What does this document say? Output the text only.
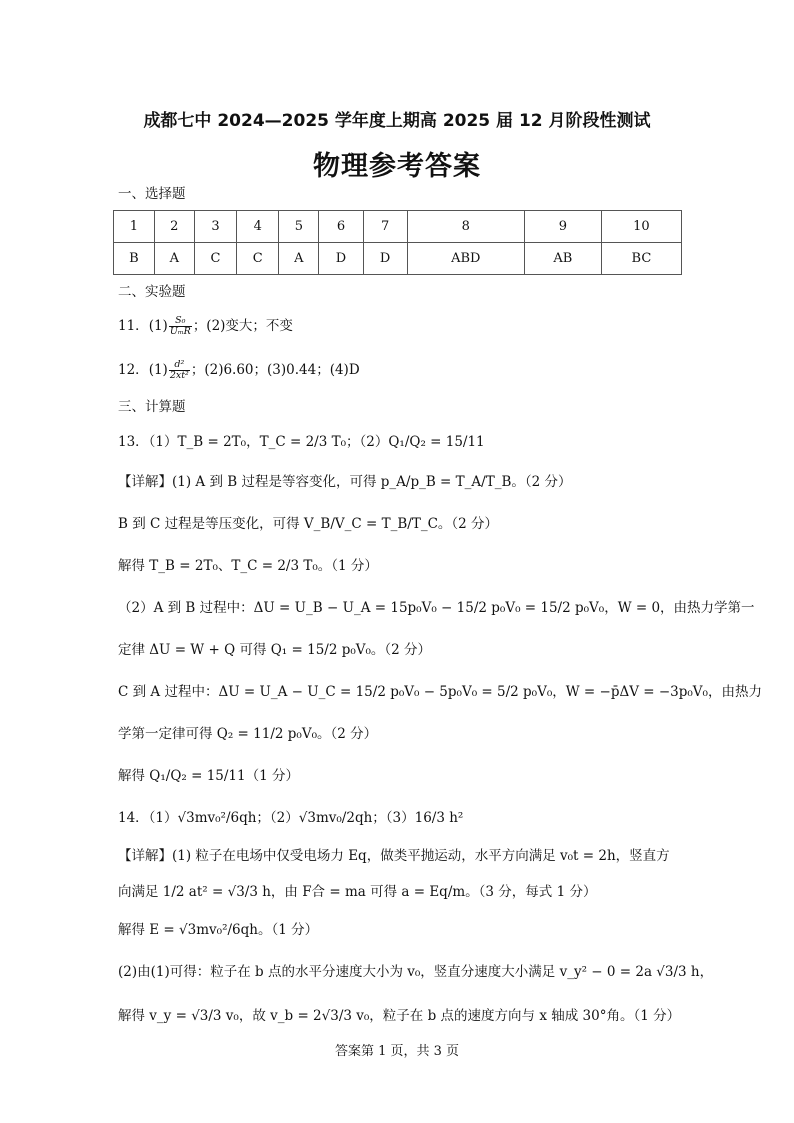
成都七中 2024—2025 学年度上期高 2025 届 12 月阶段性测试
物理参考答案
一、选择题
1	2	3	4	5	6	7	8	9	10
B	A	C	C	A	D	D	ABD	AB	BC
二、实验题
11．$(1) \frac{\text{S₀}}{\text{UₘR}}$ ；(2)变大；不变
12．$(1) \frac{\text{d²}}{\text{2xt²}}$ ；(2)6.60；(3)0.44；(4)D
三、计算题
13．（1）T_B = 2T₀，T_C = 2/3 T₀；（2）Q₁/Q₂ = 15/11
【详解】(1) A 到 B 过程是等容变化，可得 p_A/p_B = T_A/T_B。（2 分）
B 到 C 过程是等压变化，可得 V_B/V_C = T_B/T_C。（2 分）
解得 T_B = 2T₀、T_C = 2/3 T₀。（1 分）
（2）A 到 B 过程中：ΔU = U_B − U_A = 15p₀V₀ − 15/2 p₀V₀ = 15/2 p₀V₀，W = 0，由热力学第一
定律 ΔU = W + Q 可得 Q₁ = 15/2 p₀V₀。（2 分）
C 到 A 过程中：ΔU = U_A − U_C = 15/2 p₀V₀ − 5p₀V₀ = 5/2 p₀V₀，W = −p̄ΔV = −3p₀V₀，由热力
学第一定律可得 Q₂ = 11/2 p₀V₀。（2 分）
解得 Q₁/Q₂ = 15/11（1 分）
14．（1）√3mv₀²/6qh；（2）√3mv₀/2qh；（3）16/3 h²
【详解】(1) 粒子在电场中仅受电场力 Eq，做类平抛运动，水平方向满足 v₀t = 2h，竖直方
向满足 1/2 at² = √3/3 h，由 F合 = ma 可得 a = Eq/m。（3 分，每式 1 分）
解得 E = √3mv₀²/6qh。（1 分）
(2)由(1)可得：粒子在 b 点的水平分速度大小为 v₀，竖直分速度大小满足 v_y² − 0 = 2a √3/3 h，
解得 v_y = √3/3 v₀，故 v_b = 2√3/3 v₀，粒子在 b 点的速度方向与 x 轴成 30°角。（1 分）
答案第 1 页，共 3 页
